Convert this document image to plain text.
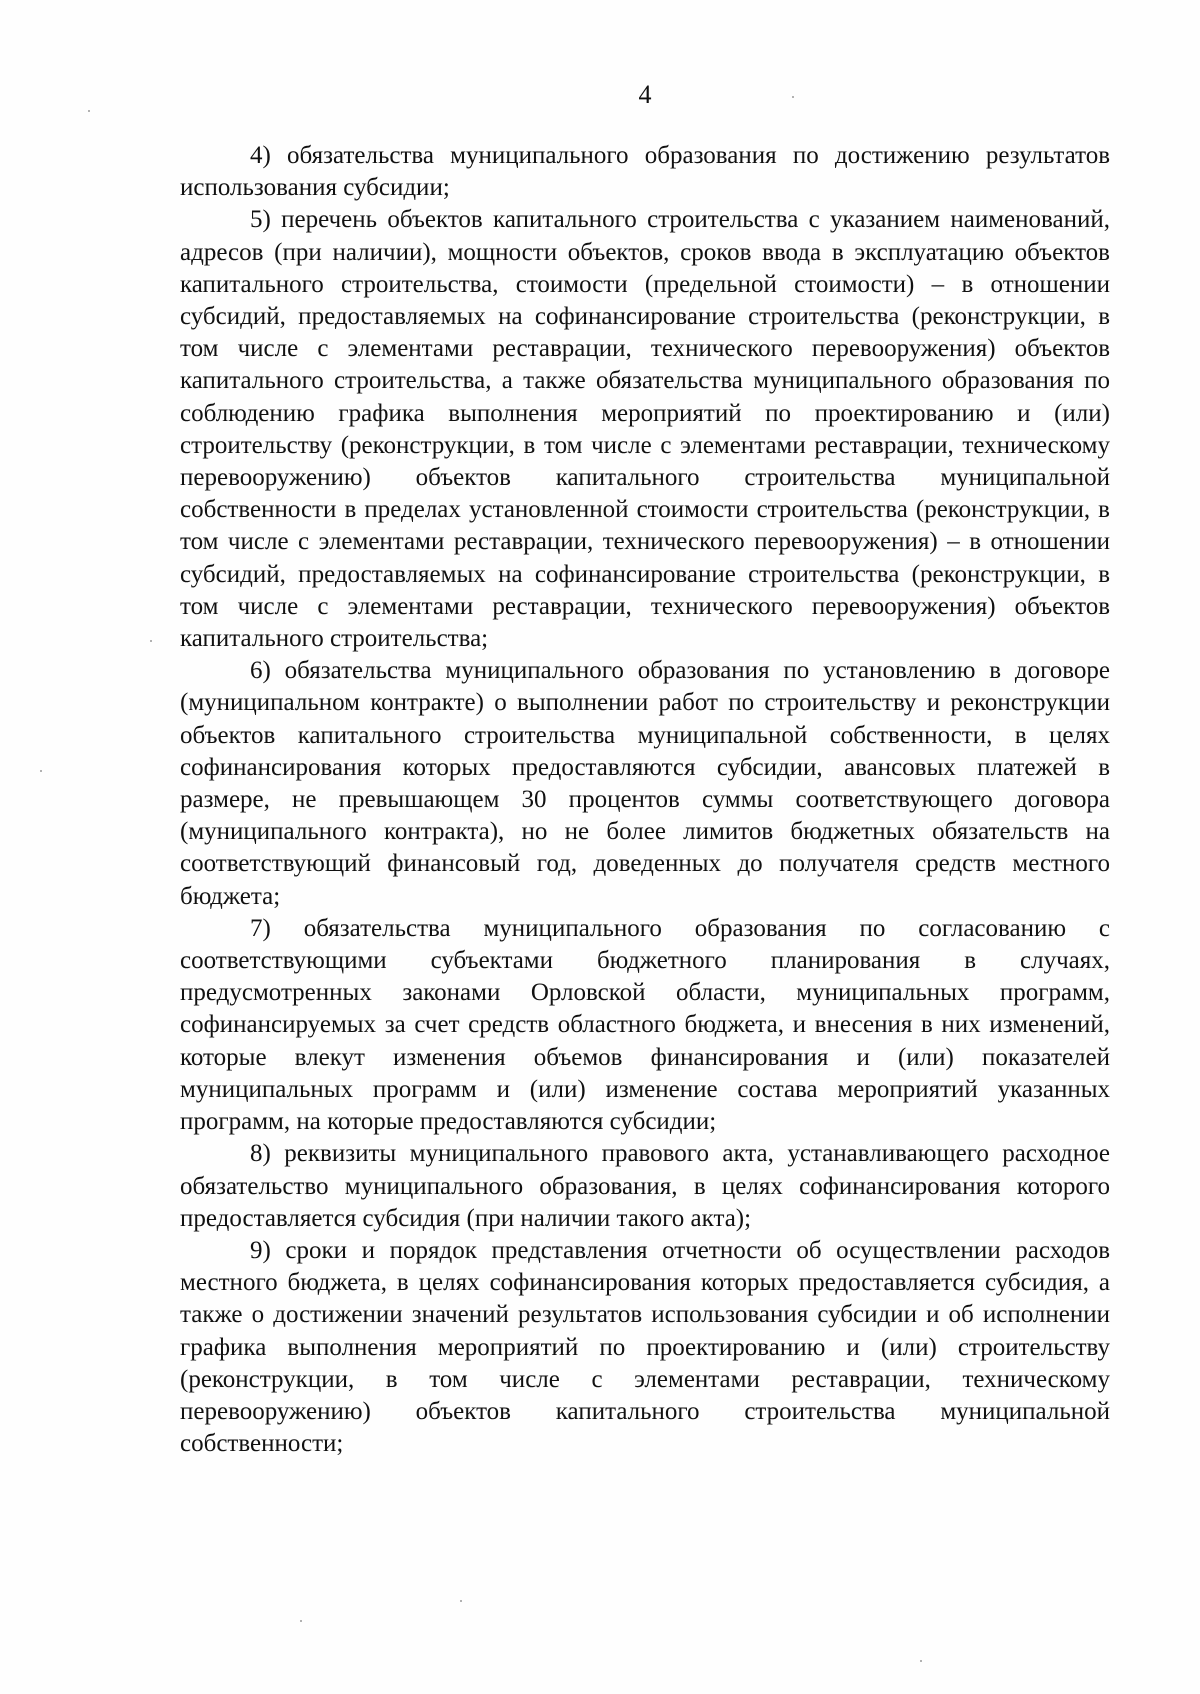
4

4) обязательства муниципального образования по достижению результатов использования субсидии;

5) перечень объектов капитального строительства с указанием наименований, адресов (при наличии), мощности объектов, сроков ввода в эксплуатацию объектов капитального строительства, стоимости (предельной стоимости) – в отношении субсидий, предоставляемых на софинансирование строительства (реконструкции, в том числе с элементами реставрации, технического перевооружения) объектов капитального строительства, а также обязательства муниципального образования по соблюдению графика выполнения мероприятий по проектированию и (или) строительству (реконструкции, в том числе с элементами реставрации, техническому перевооружению) объектов капитального строительства муниципальной собственности в пределах установленной стоимости строительства (реконструкции, в том числе с элементами реставрации, технического перевооружения) – в отношении субсидий, предоставляемых на софинансирование строительства (реконструкции, в том числе с элементами реставрации, технического перевооружения) объектов капитального строительства;

6) обязательства муниципального образования по установлению в договоре (муниципальном контракте) о выполнении работ по строительству и реконструкции объектов капитального строительства муниципальной собственности, в целях софинансирования которых предоставляются субсидии, авансовых платежей в размере, не превышающем 30 процентов суммы соответствующего договора (муниципального контракта), но не более лимитов бюджетных обязательств на соответствующий финансовый год, доведенных до получателя средств местного бюджета;

7) обязательства муниципального образования по согласованию с соответствующими субъектами бюджетного планирования в случаях, предусмотренных законами Орловской области, муниципальных программ, софинансируемых за счет средств областного бюджета, и внесения в них изменений, которые влекут изменения объемов финансирования и (или) показателей муниципальных программ и (или) изменение состава мероприятий указанных программ, на которые предоставляются субсидии;

8) реквизиты муниципального правового акта, устанавливающего расходное обязательство муниципального образования, в целях софинансирования которого предоставляется субсидия (при наличии такого акта);

9) сроки и порядок представления отчетности об осуществлении расходов местного бюджета, в целях софинансирования которых предоставляется субсидия, а также о достижении значений результатов использования субсидии и об исполнении графика выполнения мероприятий по проектированию и (или) строительству (реконструкции, в том числе с элементами реставрации, техническому перевооружению) объектов капитального строительства муниципальной собственности;
